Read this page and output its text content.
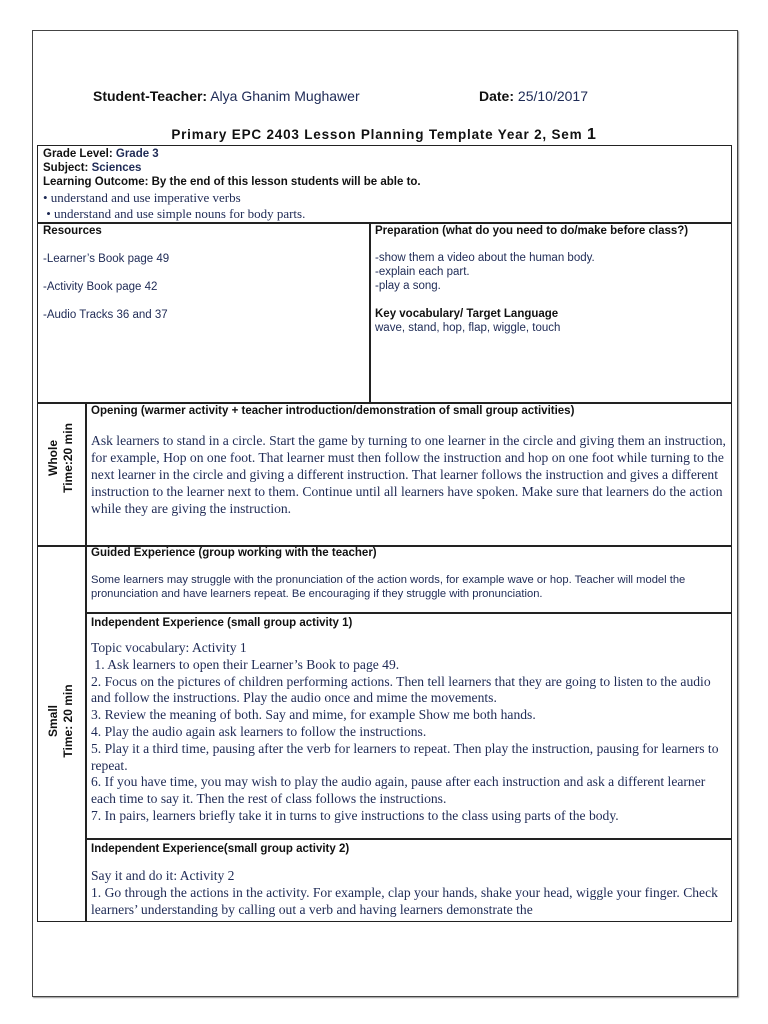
Student-Teacher: Alya Ghanim Mughawer	Date: 25/10/2017
Primary EPC 2403 Lesson Planning Template Year 2, Sem 1
Grade Level: Grade 3
Subject: Sciences
Learning Outcome: By the end of this lesson students will be able to.

• understand and use imperative verbs

• understand and use simple nouns for body parts.

Resources

-Learner’s Book page 49

-Activity Book page 42

-Audio Tracks 36 and 37

Preparation (what do you need to do/make before class?)

-show them a video about the human body.

-explain each part.

-play a song.

Key vocabulary/ Target Language

wave, stand, hop, flap, wiggle, touch

Whole Time:20 min

Small Time: 20 min

Opening (warmer activity + teacher introduction/demonstration of small group activities)

Ask learners to stand in a circle. Start the game by turning to one learner in the circle and giving them an instruction, for example, Hop on one foot. That learner must then follow the instruction and hop on one foot while turning to the next learner in the circle and giving a different instruction. That learner follows the instruction and gives a different instruction to the learner next to them. Continue until all learners have spoken. Make sure that learners do the action while they are giving the instruction.

Guided Experience (group working with the teacher)

Some learners may struggle with the pronunciation of the action words, for example wave or hop. Teacher will model the pronunciation and have learners repeat. Be encouraging if they struggle with pronunciation.

Independent Experience (small group activity 1)

Topic vocabulary: Activity 1

1. Ask learners to open their Learner’s Book to page 49.

2. Focus on the pictures of children performing actions. Then tell learners that they are going to listen to the audio and follow the instructions. Play the audio once and mime the movements.

3. Review the meaning of both. Say and mime, for example Show me both hands.

4. Play the audio again ask learners to follow the instructions.

5. Play it a third time, pausing after the verb for learners to repeat. Then play the instruction, pausing for learners to repeat.

6. If you have time, you may wish to play the audio again, pause after each instruction and ask a different learner each time to say it. Then the rest of class follows the instructions.

7. In pairs, learners briefly take it in turns to give instructions to the class using parts of the body.

Independent Experience(small group activity 2)

Say it and do it: Activity 2

1. Go through the actions in the activity. For example, clap your hands, shake your head, wiggle your finger. Check learners’ understanding by calling out a verb and having learners demonstrate the
